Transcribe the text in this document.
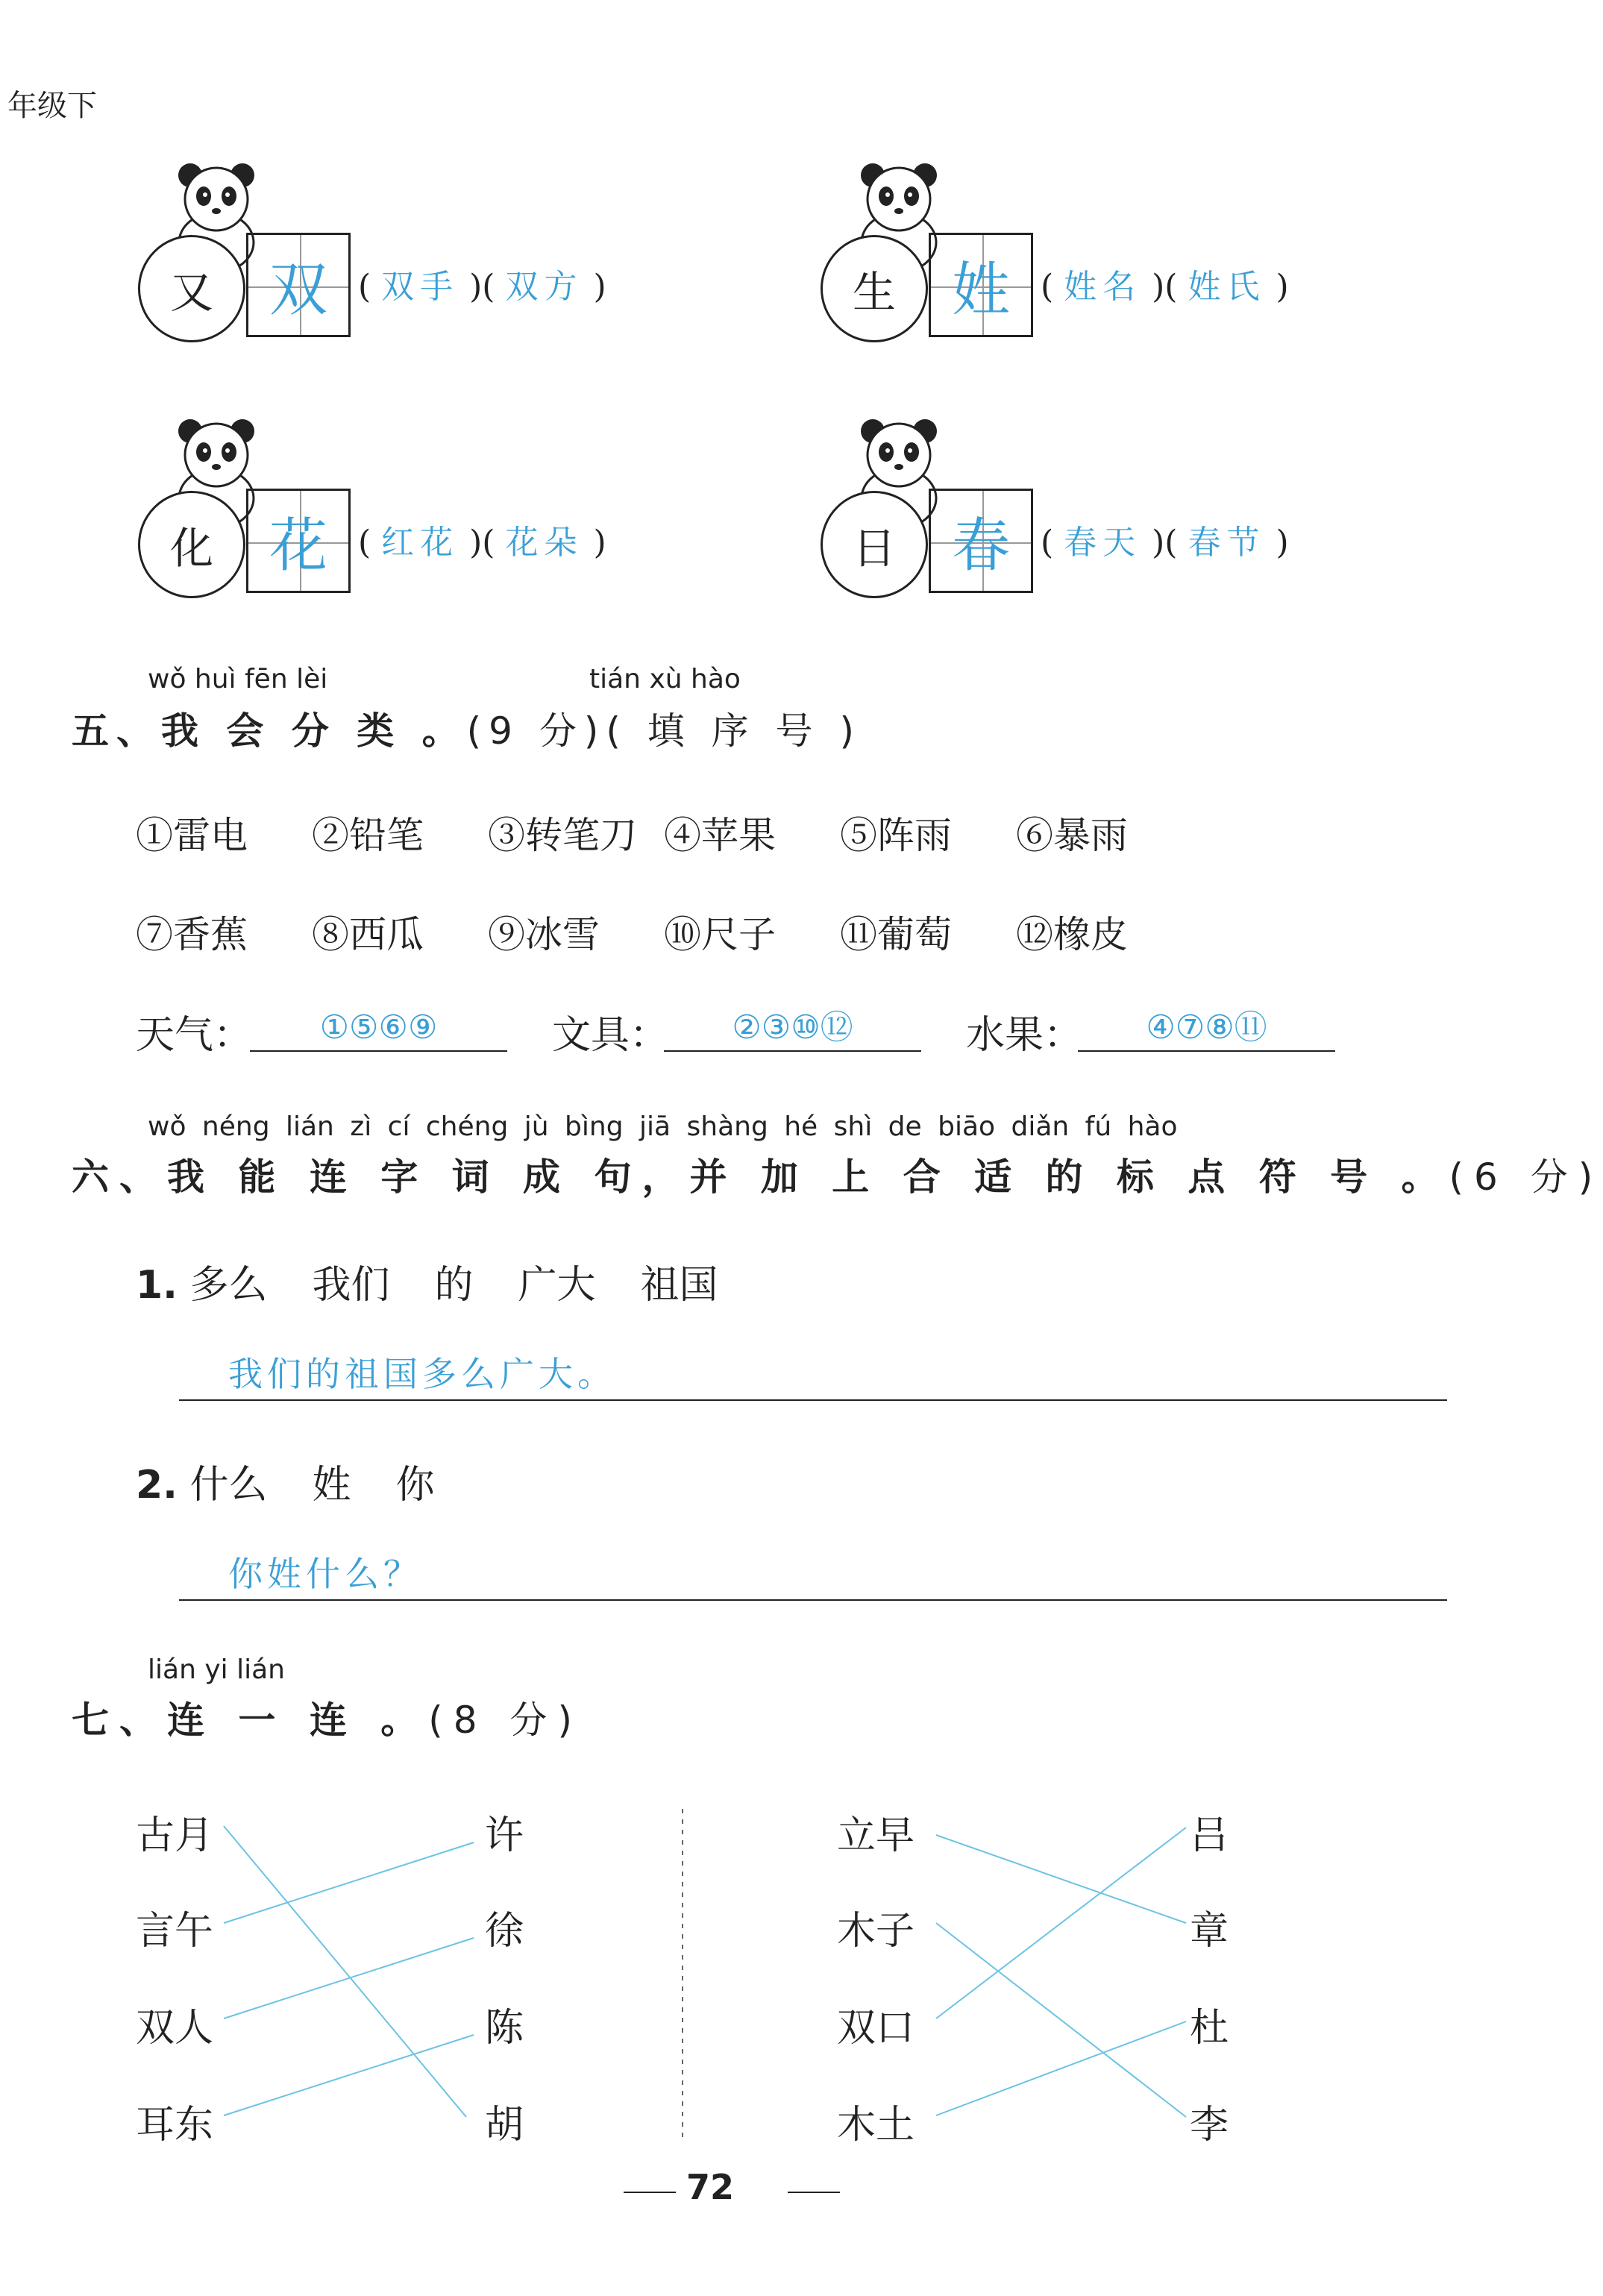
年级下
又 双 ( 双手 )( 双方 )	生 姓 ( 姓名 )( 姓氏 )
化 花 ( 红花 )( 花朵 )	日 春 ( 春天 )( 春节 )
wǒ huì fēn lèi	tián xù hào
五、我 会 分 类 。(9 分)( 填 序 号 )
①雷电 ②铅笔 ③转笔刀 ④苹果 ⑤阵雨 ⑥暴雨
⑦香蕉 ⑧西瓜 ⑨冰雪 ⑩尺子 ⑪葡萄 ⑫橡皮
天气：	①⑤⑥⑨	文具：	②③⑩⑫	水果：	④⑦⑧⑪
wǒ néng lián zì cí chéng jù bìng jiā shàng hé shì de biāo diǎn fú hào
六、我 能 连 字 词 成 句，并 加 上 合 适 的 标 点 符 号 。(6 分)
1. 多么 我们 的 广大 祖国
我们的祖国多么广大。
2. 什么 姓 你
你姓什么？
lián yi lián
七、连 一 连 。(8 分)
古月
言午
双人
耳东
许
徐
陈
胡
立早
木子
双口
木土
吕
章
杜
李
72
